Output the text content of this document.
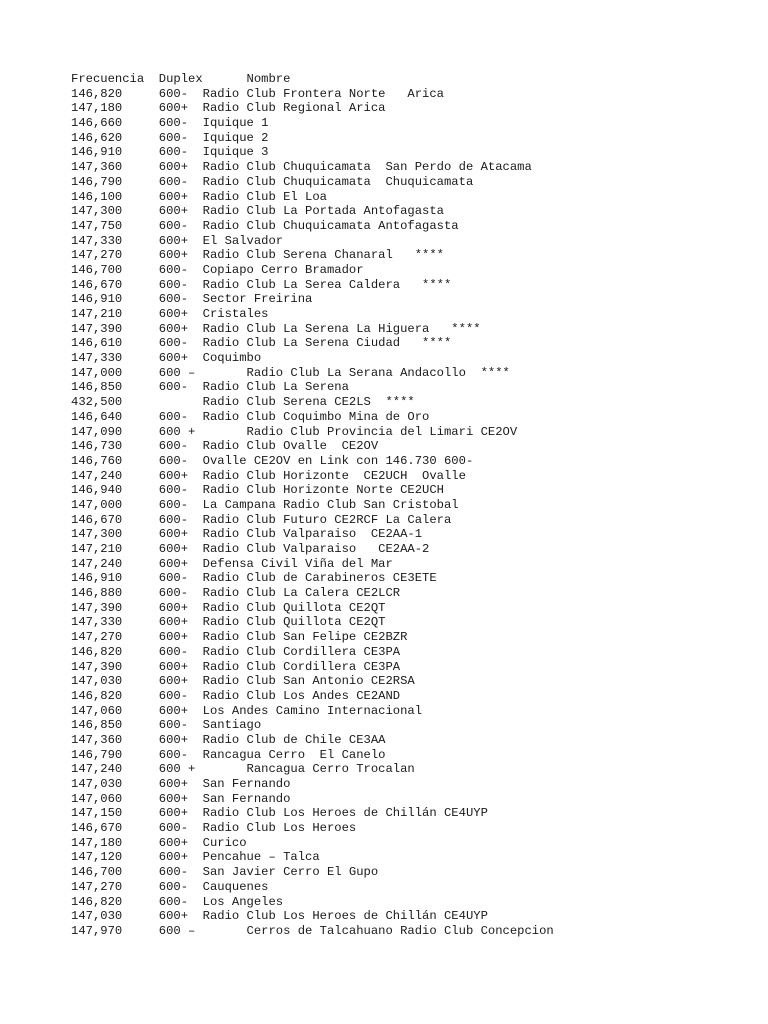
Frecuencia  Duplex      Nombre
146,820     600-  Radio Club Frontera Norte   Arica
147,180     600+  Radio Club Regional Arica
146,660     600-  Iquique 1
146,620     600-  Iquique 2
146,910     600-  Iquique 3
147,360     600+  Radio Club Chuquicamata  San Perdo de Atacama
146,790     600-  Radio Club Chuquicamata  Chuquicamata
146,100     600+  Radio Club El Loa
147,300     600+  Radio Club La Portada Antofagasta
147,750     600-  Radio Club Chuquicamata Antofagasta
147,330     600+  El Salvador
147,270     600+  Radio Club Serena Chanaral   ****
146,700     600-  Copiapo Cerro Bramador
146,670     600-  Radio Club La Serea Caldera   ****
146,910     600-  Sector Freirina
147,210     600+  Cristales
147,390     600+  Radio Club La Serena La Higuera   ****
146,610     600-  Radio Club La Serena Ciudad   ****
147,330     600+  Coquimbo
147,000     600 –       Radio Club La Serana Andacollo  ****
146,850     600-  Radio Club La Serena
432,500           Radio Club Serena CE2LS  ****
146,640     600-  Radio Club Coquimbo Mina de Oro
147,090     600 +       Radio Club Provincia del Limari CE2OV
146,730     600-  Radio Club Ovalle  CE2OV
146,760     600-  Ovalle CE2OV en Link con 146.730 600-
147,240     600+  Radio Club Horizonte  CE2UCH  Ovalle
146,940     600-  Radio Club Horizonte Norte CE2UCH
147,000     600-  La Campana Radio Club San Cristobal
146,670     600-  Radio Club Futuro CE2RCF La Calera
147,300     600+  Radio Club Valparaiso  CE2AA-1
147,210     600+  Radio Club Valparaiso   CE2AA-2
147,240     600+  Defensa Civil Viña del Mar
146,910     600-  Radio Club de Carabineros CE3ETE
146,880     600-  Radio Club La Calera CE2LCR
147,390     600+  Radio Club Quillota CE2QT
147,330     600+  Radio Club Quillota CE2QT
147,270     600+  Radio Club San Felipe CE2BZR
146,820     600-  Radio Club Cordillera CE3PA
147,390     600+  Radio Club Cordillera CE3PA
147,030     600+  Radio Club San Antonio CE2RSA
146,820     600-  Radio Club Los Andes CE2AND
147,060     600+  Los Andes Camino Internacional
146,850     600-  Santiago
147,360     600+  Radio Club de Chile CE3AA
146,790     600-  Rancagua Cerro  El Canelo
147,240     600 +       Rancagua Cerro Trocalan
147,030     600+  San Fernando
147,060     600+  San Fernando
147,150     600+  Radio Club Los Heroes de Chillán CE4UYP
146,670     600-  Radio Club Los Heroes
147,180     600+  Curico
147,120     600+  Pencahue – Talca
146,700     600-  San Javier Cerro El Gupo
147,270     600-  Cauquenes
146,820     600-  Los Angeles
147,030     600+  Radio Club Los Heroes de Chillán CE4UYP
147,970     600 –       Cerros de Talcahuano Radio Club Concepcion
